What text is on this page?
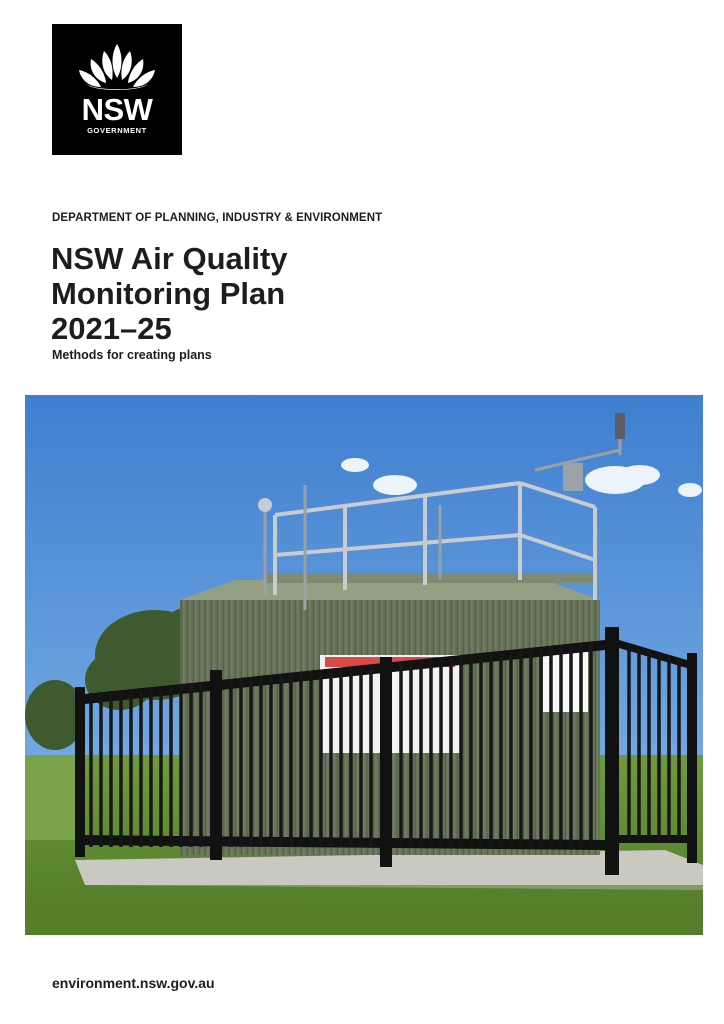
NSW
GOVERNMENT
DEPARTMENT OF PLANNING, INDUSTRY & ENVIRONMENT
NSW Air Quality
Monitoring Plan
2021–25
Methods for creating plans
environment.nsw.gov.au
